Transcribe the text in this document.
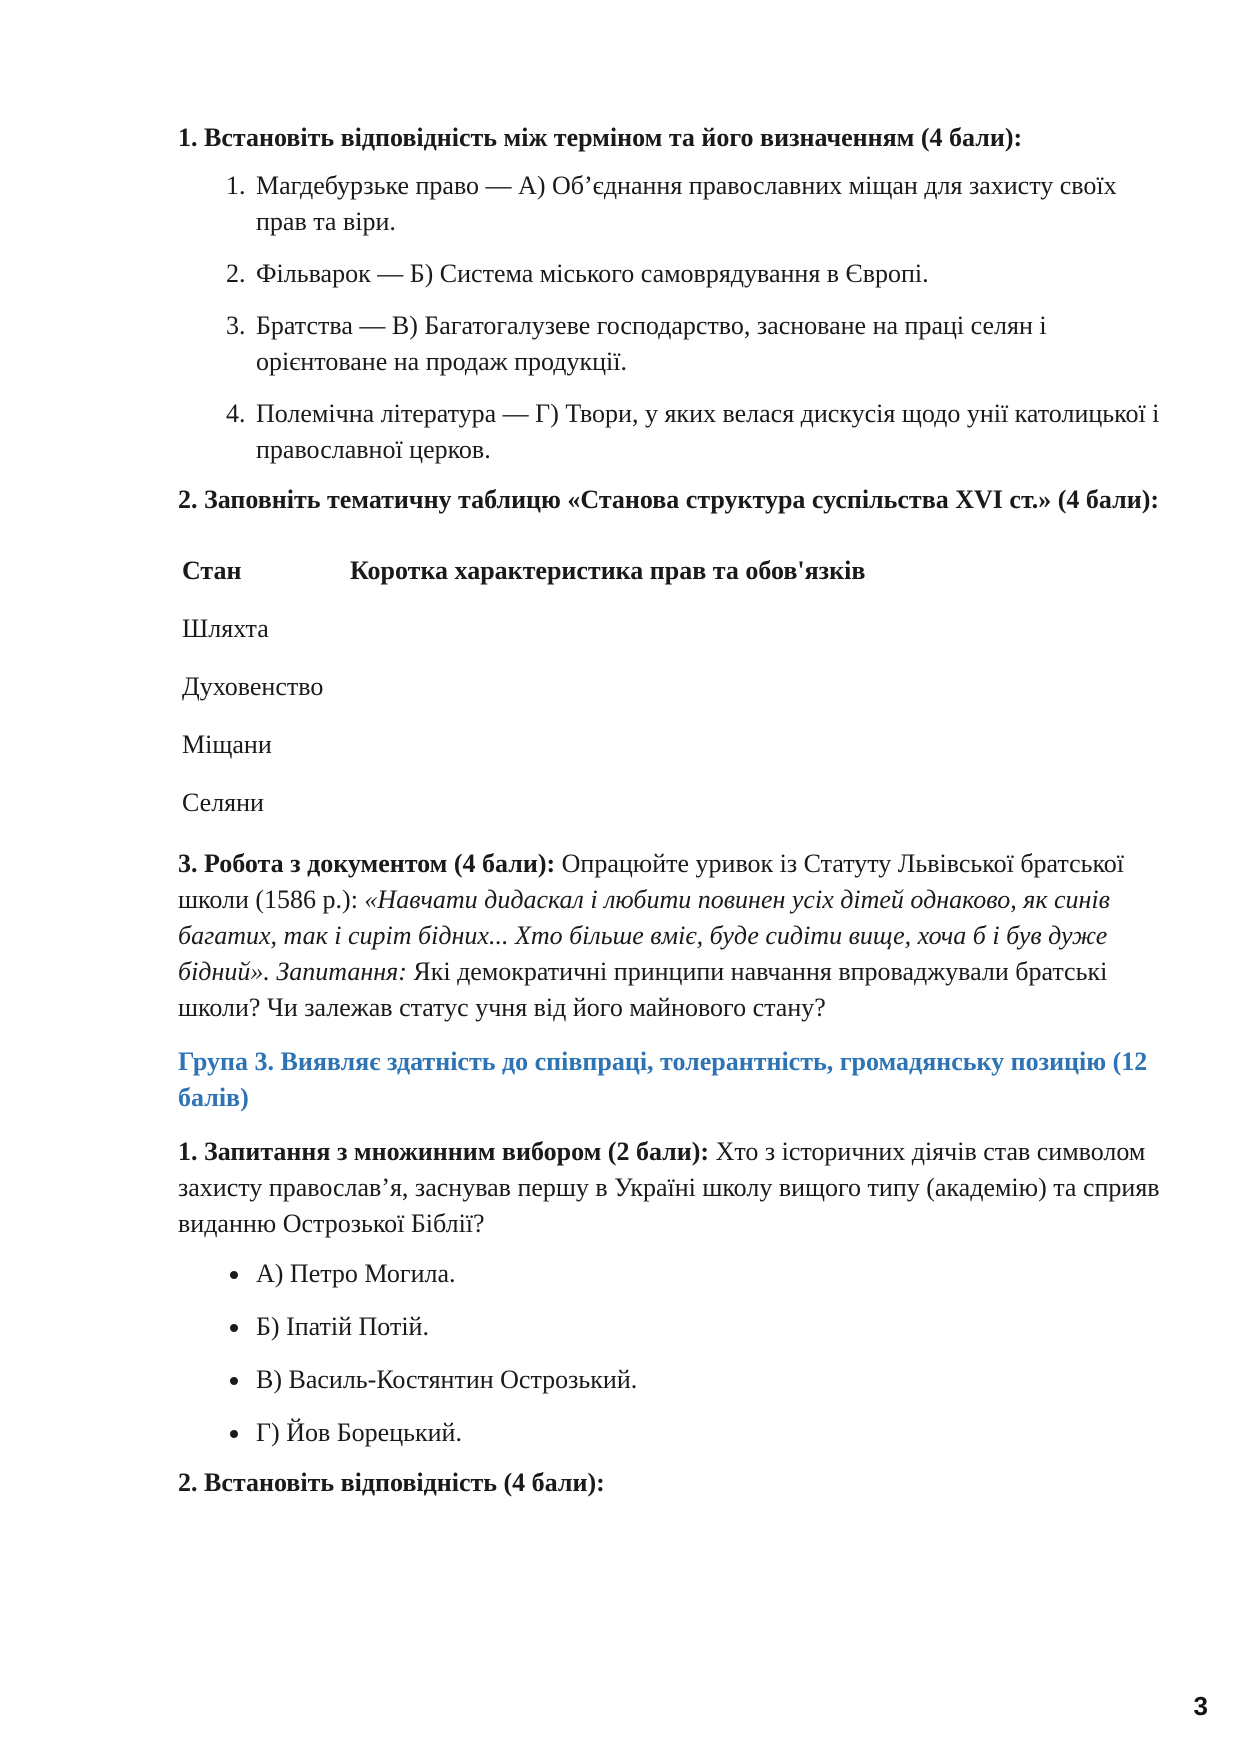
1. Встановіть відповідність між терміном та його визначенням (4 бали):

1. Магдебурзьке право — А) Об’єднання православних міщан для захисту своїх прав та віри.
2. Фільварок — Б) Система міського самоврядування в Європі.
3. Братства — В) Багатогалузеве господарство, засноване на праці селян і орієнтоване на продаж продукції.
4. Полемічна література — Г) Твори, у яких велася дискусія щодо унії католицької і православної церков.

2. Заповніть тематичну таблицю «Станова структура суспільства XVI ст.» (4 бали):

Стан	Коротка характеристика прав та обов'язків
Шляхта	
Духовенство	
Міщани	
Селяни	

3. Робота з документом (4 бали): Опрацюйте уривок із Статуту Львівської братської школи (1586 р.): «Навчати дидаскал і любити повинен усіх дітей однаково, як синів багатих, так і сиріт бідних... Хто більше вміє, буде сидіти вище, хоча б і був дуже бідний». Запитання: Які демократичні принципи навчання впроваджували братські школи? Чи залежав статус учня від його майнового стану?

Група 3. Виявляє здатність до співпраці, толерантність, громадянську позицію (12 балів)

1. Запитання з множинним вибором (2 бали): Хто з історичних діячів став символом захисту православ’я, заснував першу в Україні школу вищого типу (академію) та сприяв виданню Острозької Біблії?

• А) Петро Могила.
• Б) Іпатій Потій.
• В) Василь-Костянтин Острозький.
• Г) Йов Борецький.

2. Встановіть відповідність (4 бали):

3
